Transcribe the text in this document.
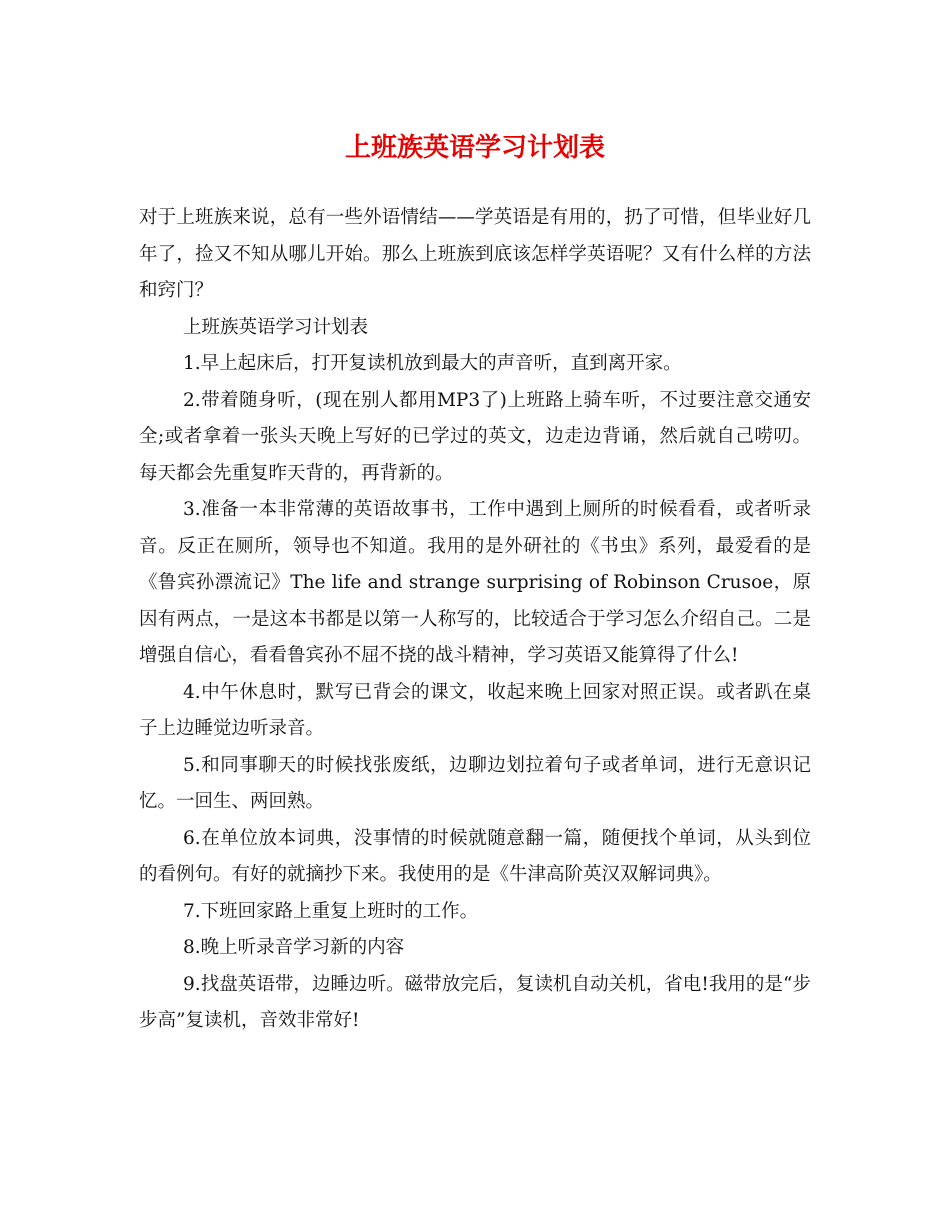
上班族英语学习计划表

对于上班族来说，总有一些外语情结——学英语是有用的，扔了可惜，但毕业好几年了，捡又不知从哪儿开始。那么上班族到底该怎样学英语呢？又有什么样的方法和窍门？

上班族英语学习计划表

1.早上起床后，打开复读机放到最大的声音听，直到离开家。

2.带着随身听，(现在别人都用MP3了)上班路上骑车听，不过要注意交通安全;或者拿着一张头天晚上写好的已学过的英文，边走边背诵，然后就自己唠叨。每天都会先重复昨天背的，再背新的。

3.准备一本非常薄的英语故事书，工作中遇到上厕所的时候看看，或者听录音。反正在厕所，领导也不知道。我用的是外研社的《书虫》系列，最爱看的是《鲁宾孙漂流记》The life and strange surprising of Robinson Crusoe，原因有两点，一是这本书都是以第一人称写的，比较适合于学习怎么介绍自己。二是增强自信心，看看鲁宾孙不屈不挠的战斗精神，学习英语又能算得了什么!

4.中午休息时，默写已背会的课文，收起来晚上回家对照正误。或者趴在桌子上边睡觉边听录音。

5.和同事聊天的时候找张废纸，边聊边划拉着句子或者单词，进行无意识记忆。一回生、两回熟。

6.在单位放本词典，没事情的时候就随意翻一篇，随便找个单词，从头到位的看例句。有好的就摘抄下来。我使用的是《牛津高阶英汉双解词典》。

7.下班回家路上重复上班时的工作。

8.晚上听录音学习新的内容

9.找盘英语带，边睡边听。磁带放完后，复读机自动关机，省电!我用的是“步步高”复读机，音效非常好!
